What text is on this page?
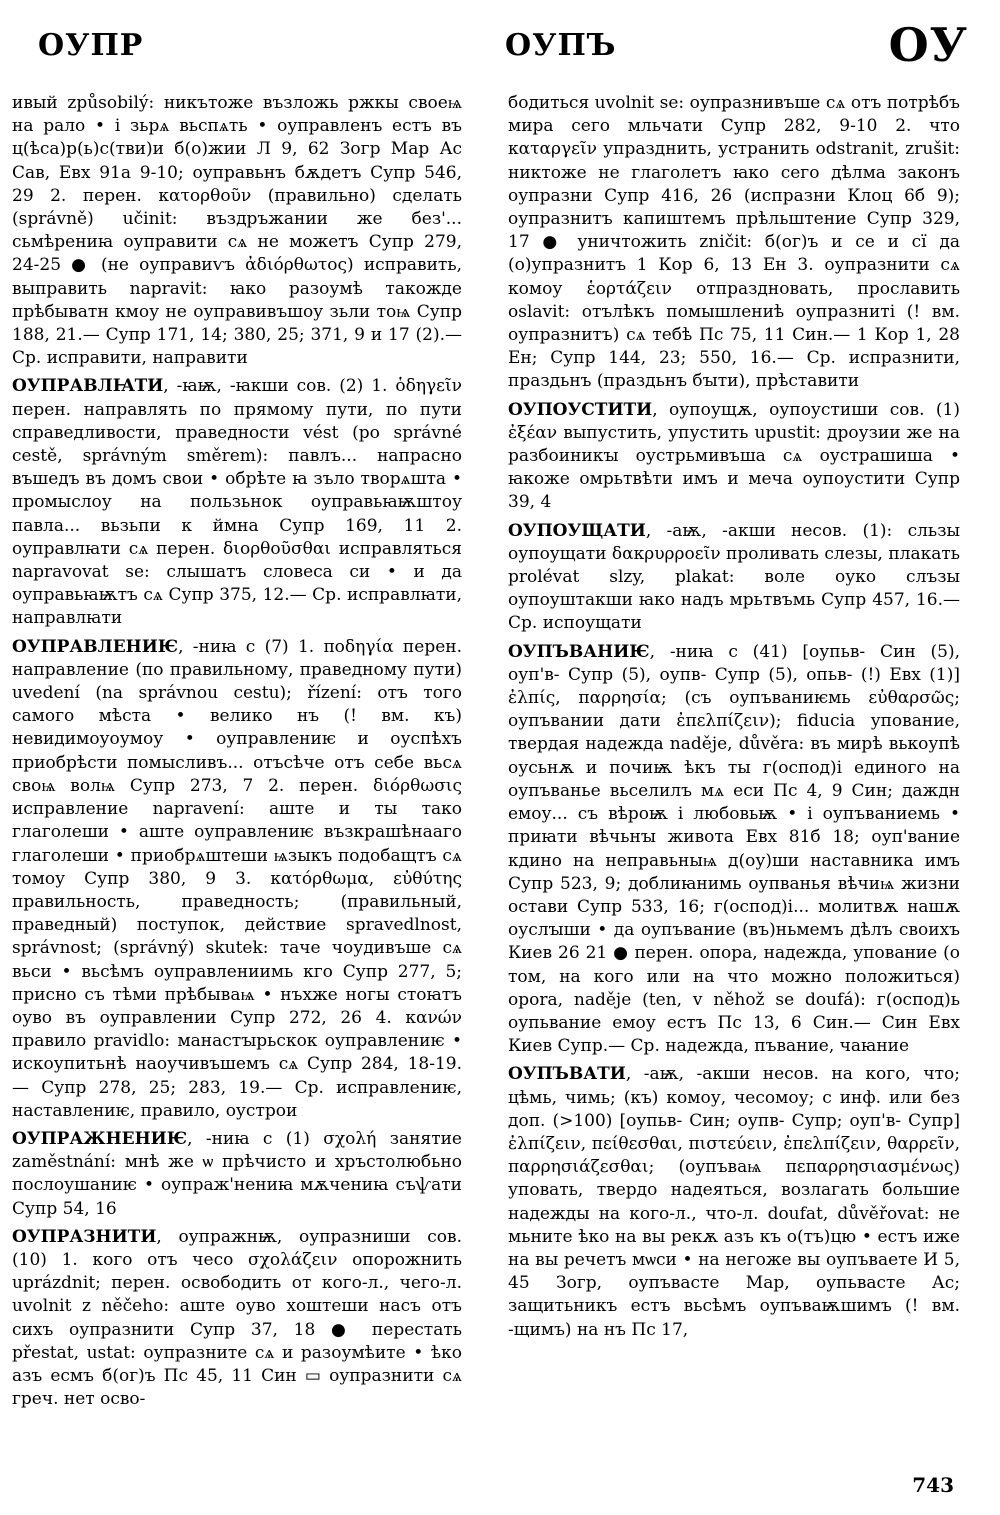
ОУПР	ОУПЪ	ОУ

ивый způsobilý: никътоже възложь ржкы своеѩ на рало • і зьрѧ вьспѧть • оуправленъ естъ въ ц(ѣса)р(ь)с(тви)и б(о)жии Л 9, 62 Зогр Мар Ас Сав, Евх 91а 9-10; оуправьнъ бѫдетъ Супр 546, 29 2. перен. κατορθοῦν (правильно) сделать (správně) učinit: въздръжании же без'... сьмѣрениꙗ оуправити сѧ не можетъ Супр 279, 24-25 ● (не оуправиѵъ ἀδιόρθωτος) исправить, выправить napravit: ꙗко разоумѣ такожде прѣбыватн кмоу не оуправивъшоу зьли тоѩ Супр 188, 21.— Супр 171, 14; 380, 25; 371, 9 и 17 (2).— Ср. исправити, направити

ОУПРАВЛꙖТИ, -ꙗѭ, -ꙗкши сов. (2) 1. ὁδηγεῖν перен. направлять по прямому пути, по пути справедливости, праведности vést (po správné cestě, správným směrem): павлъ... напрасно въшедъ въ домъ свои • обрѣте ꙗ зъло творѧшта • промыслоу на пользьнок оуправьꙗѭштоу павла... вьзьпи к ймна Супр 169, 11 2. оуправлꙗти сѧ перен. διορθοῦσθαι исправляться napravovat se: слышатъ словеса си • и да оуправьꙗѭтъ сѧ Супр 375, 12.— Ср. исправлꙗти, направлꙗти

ОУПРАВЛЕНИѤ, -ниꙗ с (7) 1. ποδηγία перен. направление (по правильному, праведному пути) uvedení (na správnou cestu); řízení: отъ того самого мѣста • велико нъ (! вм. къ) невидимоуоумоу • оуправлениѥ и оуспѣхъ приобрѣсти помысливъ... отъсѣче отъ себе вьсѧ своѩ волѩ Супр 273, 7 2. перен. διόρθωσις исправление napravení: аште и ты тако глаголеши • аште оуправлениѥ възкрашѣнааго глаголеши • приобрѧштеши ѩзыкъ подобащтъ сѧ томоу Супр 380, 9 3. κατόρθωμα, εὐθύτης правильность, праведность; (правильный, праведный) поступок, действие spravedlnost, správnost; (správný) skutek: таче чоудивъше сѧ вьси • вьсѣмъ оуправлениимь кго Супр 277, 5; присно съ тѣми прѣбываѩ • нъхже ногы стоꙗтъ оуво въ оуправлении Супр 272, 26 4. κανών правило pravidlo: манастꙑрьскок оуправлениѥ • искоупитьнѣ наоучивъшемъ сѧ Супр 284, 18-19.— Супр 278, 25; 283, 19.— Ср. исправлениѥ, наставлениѥ, правило, оустрои

ОУПРАЖНЕНИѤ, -ниꙗ с (1) σχολή занятие zaměstnání: мнѣ же ѡ прѣчисто и хръстолюбьно послоушаниѥ • оупраж'нениꙗ мѫчениꙗ съѱати Супр 54, 16

ОУПРАЗНИТИ, оупражнѭ, оупразниши сов. (10) 1. кого отъ чесо σχολάζειν опорожнить uprázdnit; перен. освободить от кого-л., чего-л. uvolnit z něčeho: аште оуво хоштеши насъ отъ сихъ оупразнити Супр 37, 18 ● перестать přestat, ustat: оупразните сѧ и разоумѣите • ѣко азъ есмъ б(ог)ъ Пс 45, 11 Син ▭ оупразнити сѧ греч. нет осво-

бодиться uvolnit se: оупразнивъше сѧ отъ потрѣбъ мира сего мльчати Супр 282, 9-10 2. что καταργεῖν упразднить, устранить odstranit, zrušit: никтоже не глаголетъ ꙗко сего дѣлма законъ оупразни Супр 416, 26 (испразни Клоц 6б 9); оупразнитъ капиштемъ прѣльштение Супр 329, 17 ● уничтожить zničit: б(ог)ъ и се и сї да (о)упразнитъ 1 Кор 6, 13 Ен 3. оупразнити сѧ комоу ἑορτάζειν отпраздновать, прославить oslavit: отълѣкъ помышлениѣ оупразниті (! вм. оупразнитъ) сѧ тебѣ Пс 75, 11 Син.— 1 Кор 1, 28 Ен; Супр 144, 23; 550, 16.— Ср. испразнити, праздьнъ (праздьнъ бꙑти), прѣставити

ОУПОУСТИТИ, оупоущѫ, оупоустиши сов. (1) ἐξέαν выпустить, упустить upustit: дроузии же на разбоиникꙑ оустрьмивъша сѧ оустрашиша • ꙗкоже омрьтвѣти имъ и меча оупоустити Супр 39, 4

ОУПОУЩАТИ, -аѭ, -акши несов. (1): сльзы оупоущати δακρυρροεῖν проливать слезы, плакать prolévat slzy, plakat: воле оуко слъзы оупоуштакши ꙗко надъ мрьтвъмь Супр 457, 16.— Ср. испоущати

ОУПЪВАНИѤ, -ниꙗ с (41) [оупьв- Син (5), оуп'в- Супр (5), оупв- Супр (5), опьв- (!) Евх (1)] ἐλπίς, παρρησία; (съ оупъваниѥмь εὐθαρσῶς; оупъвании дати ἐπελπίζειν); fiducia упование, твердая надежда naděje, důvěra: въ мирѣ вькоупѣ оусьнѫ и почиѭ ѣкъ ты г(оспод)і единого на оупъванье вьселилъ мѧ еси Пс 4, 9 Син; даждн емоу... съ вѣроѭ і любовьѭ • і оупъваниемь • приꙗти вѣчьнꙑ живота Евх 81б 18; оуп'вание кдино на неправьныѩ д(оу)ши наставника имъ Супр 523, 9; доблиꙗнимь оупванья вѣчиѩ жизни остави Супр 533, 16; г(оспод)і... молитвѫ нашѫ оуслꙑши • да оупъвание (въ)ньмемъ дѣлъ своихъ Киев 26 21 ● перен. опора, надежда, упование (о том, на кого или на что можно положиться) opora, naděje (ten, v něhož se doufá): г(оспод)ь оупьвание емоу естъ Пс 13, 6 Син.— Син Евх Киев Супр.— Ср. надежда, пъвание, чаꙗние

ОУПЪВАТИ, -аѭ, -акши несов. на кого, что; цѣмь, чимь; (къ) комоу, чесомоу; с инф. или без доп. (>100) [оупьв- Син; оупв- Супр; оуп'в- Супр] ἐλπίζειν, πείθεσθαι, πιστεύειν, ἐπελπίζειν, θαρρεῖν, παρρησιάζεσθαι; (оупъваѩ πεπαρρησιασμένως) уповать, твердо надеяться, возлагать большие надежды на кого-л., что-л. doufat, důvěřovat: не мьните ѣко на вы рекѫ азъ къ о(тъ)цю • естъ иже на вы речетъ мѡси • на негоже вы оупъваете И 5, 45 Зогр, оупъвасте Мар, оупьвасте Ас; защитьникъ естъ вьсѣмъ оупъваѭшимъ (! вм. -щимъ) на нъ Пс 17,

743
